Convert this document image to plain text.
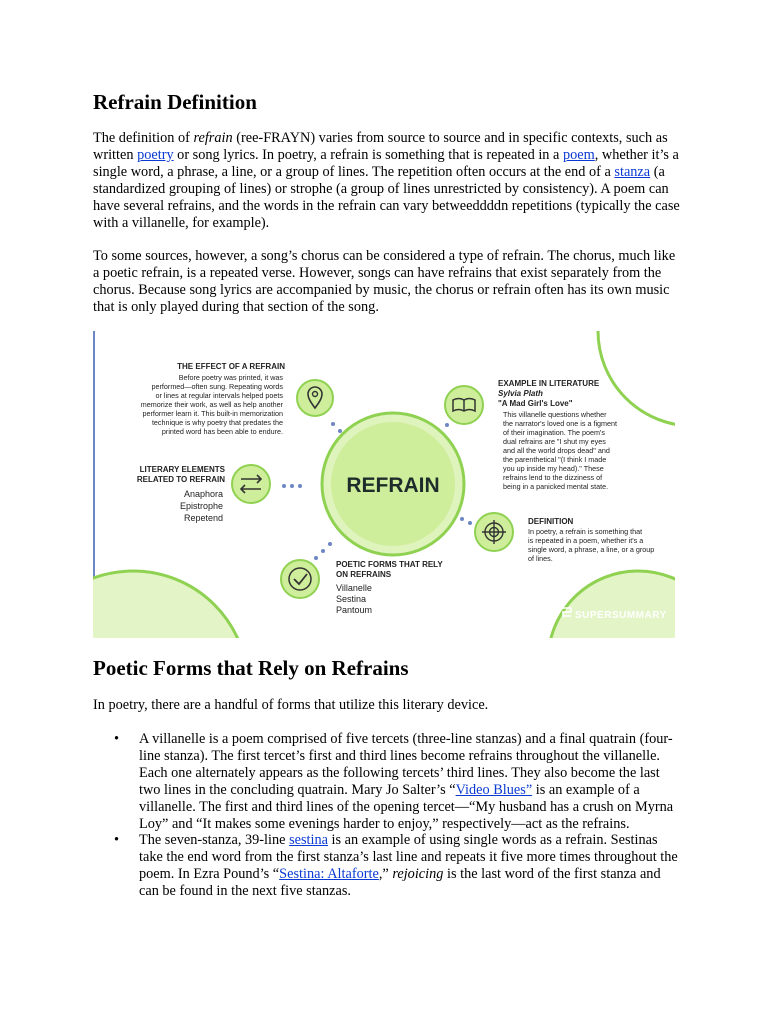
Refrain Definition

The definition of refrain (ree-FRAYN) varies from source to source and in specific contexts, such as written poetry or song lyrics. In poetry, a refrain is something that is repeated in a poem, whether it’s a single word, a phrase, a line, or a group of lines. The repetition often occurs at the end of a stanza (a standardized grouping of lines) or strophe (a group of lines unrestricted by consistency). A poem can have several refrains, and the words in the refrain can vary betweeddddn repetitions (typically the case with a villanelle, for example).

To some sources, however, a song’s chorus can be considered a type of refrain. The chorus, much like a poetic refrain, is a repeated verse. However, songs can have refrains that exist separately from the chorus. Because song lyrics are accompanied by music, the chorus or refrain often has its own music that is only played during that section of the song.

REFRAIN
THE EFFECT OF A REFRAIN
Before poetry was printed, it was
performed—often sung. Repeating words
or lines at regular intervals helped poets
memorize their work, as well as help another
performer learn it. This built-in memorization
technique is why poetry that predates the
printed word has been able to endure.
LITERARY ELEMENTS
RELATED TO REFRAIN
Anaphora
Epistrophe
Repetend
POETIC FORMS THAT RELY
ON REFRAINS
Villanelle
Sestina
Pantoum
EXAMPLE IN LITERATURE
Sylvia Plath
"A Mad Girl's Love"
This villanelle questions whether
the narrator's loved one is a figment
of their imagination. The poem's
dual refrains are "I shut my eyes
and all the world drops dead" and
the parenthetical "(I think I made
you up inside my head)." These
refrains lend to the dizziness of
being in a panicked mental state.
DEFINITION
In poetry, a refrain is something that
is repeated in a poem, whether it's a
single word, a phrase, a line, or a group
of lines.
SUPERSUMMARY
Poetic Forms that Rely on Refrains

In poetry, there are a handful of forms that utilize this literary device.

• A villanelle is a poem comprised of five tercets (three-line stanzas) and a final quatrain (four-line stanza). The first tercet’s first and third lines become refrains throughout the villanelle. Each one alternately appears as the following tercets’ third lines. They also become the last two lines in the concluding quatrain. Mary Jo Salter’s “Video Blues” is an example of a villanelle. The first and third lines of the opening tercet—“My husband has a crush on Myrna Loy” and “It makes some evenings harder to enjoy,” respectively—act as the refrains.
• The seven-stanza, 39-line sestina is an example of using single words as a refrain. Sestinas take the end word from the first stanza’s last line and repeats it five more times throughout the poem. In Ezra Pound’s “Sestina: Altaforte,” rejoicing is the last word of the first stanza and can be found in the next five stanzas.
